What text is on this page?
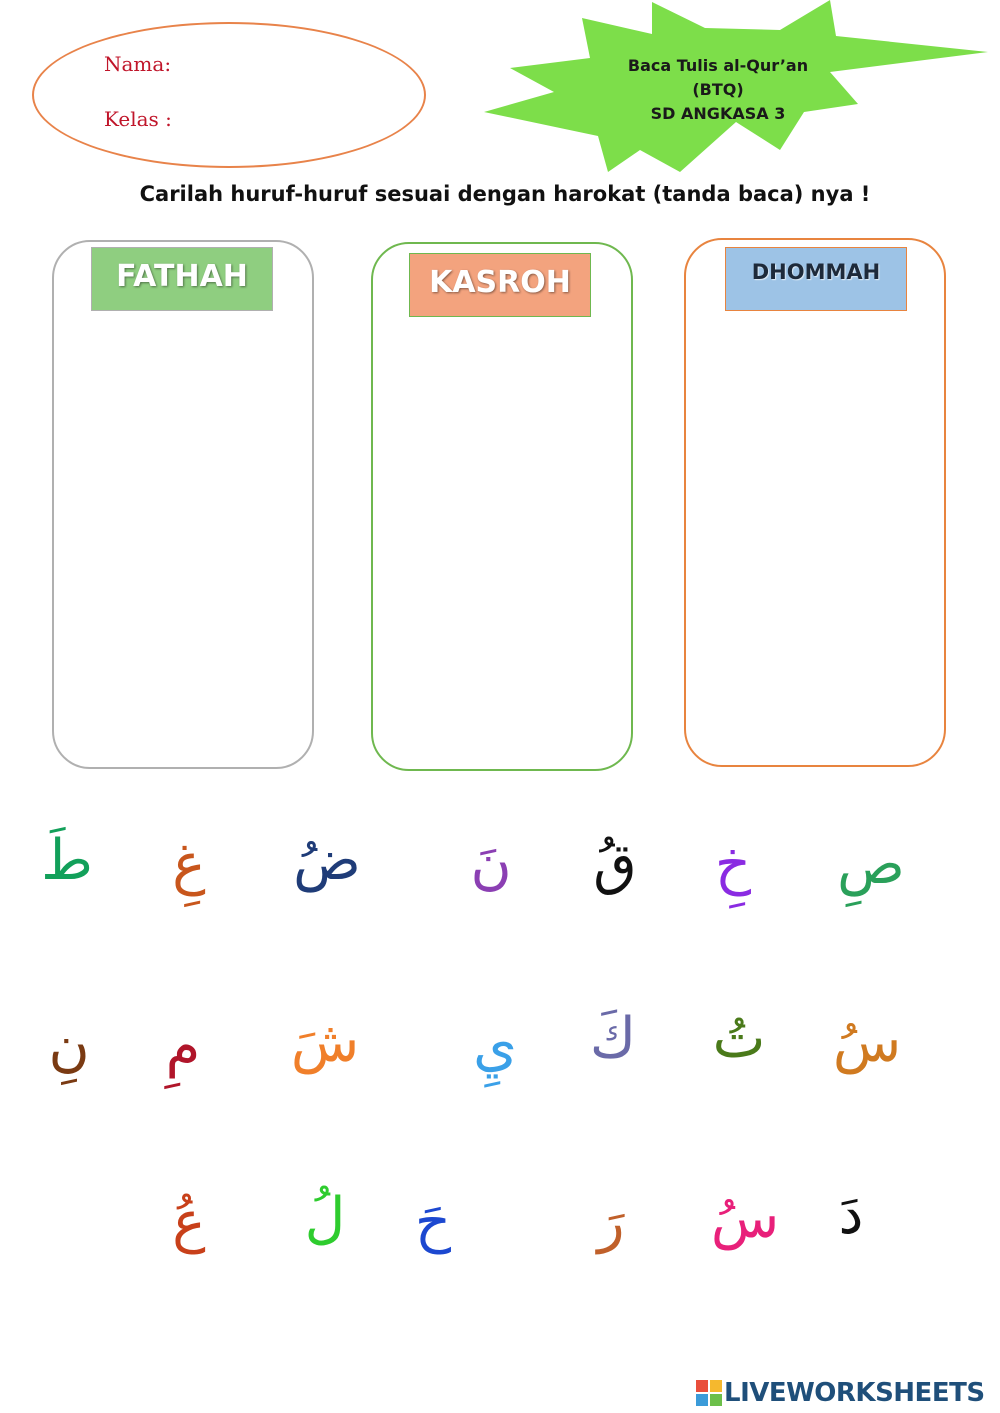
Nama:
Kelas :
Baca Tulis al-Qur’an
(BTQ)
SD ANGKASA 3
Carilah huruf-huruf sesuai dengan harokat (tanda baca) nya !
FATHAH	KASROH	DHOMMAH
طَ	غِ	ضُ	نَ	قُ	خِ	صِ
نِ	مِ	شَ	يِ	كَ	تُ	سُ
عُ	لُ	حَ	رَ	سُ	دَ
LIVEWORKSHEETS
